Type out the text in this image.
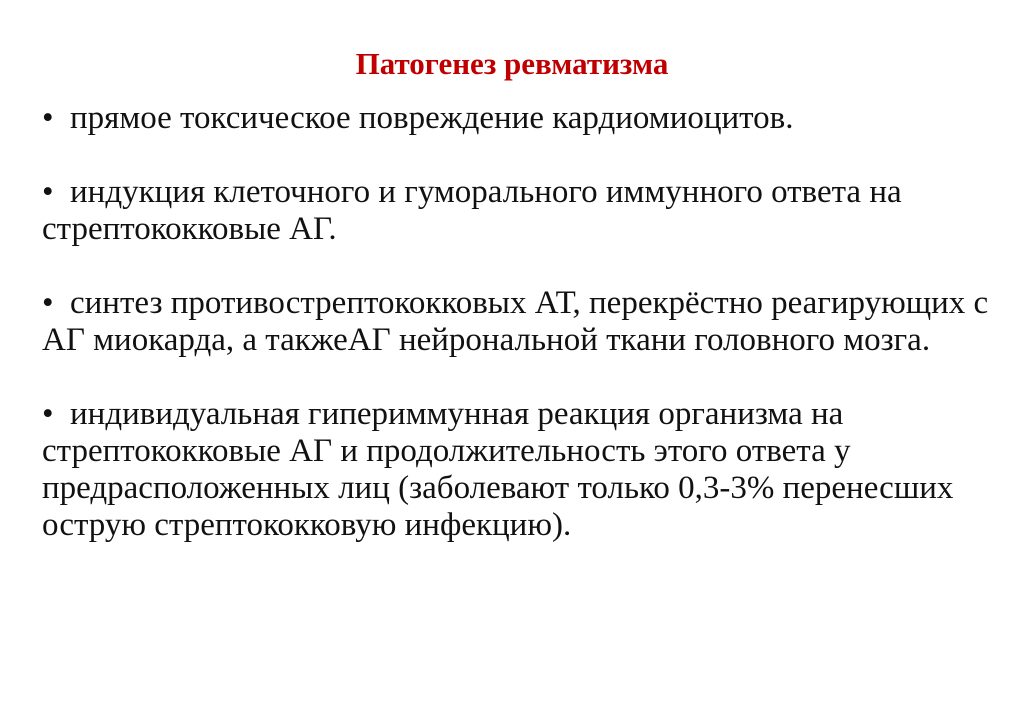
Патогенез ревматизма
• прямое токсическое повреждение кардиомиоцитов.
• индукция клеточного и гуморального иммунного ответа на стрептококковые АГ.
• синтез противострептококковых АТ, перекрёстно реагирующих с АГ миокарда, а такжеАГ нейрональной ткани головного мозга.
• индивидуальная гипериммунная реакция организма на стрептококковые АГ и продолжительность этого ответа у предрасположенных лиц (заболевают только 0,3-3% перенесших острую стрептококковую инфекцию).
